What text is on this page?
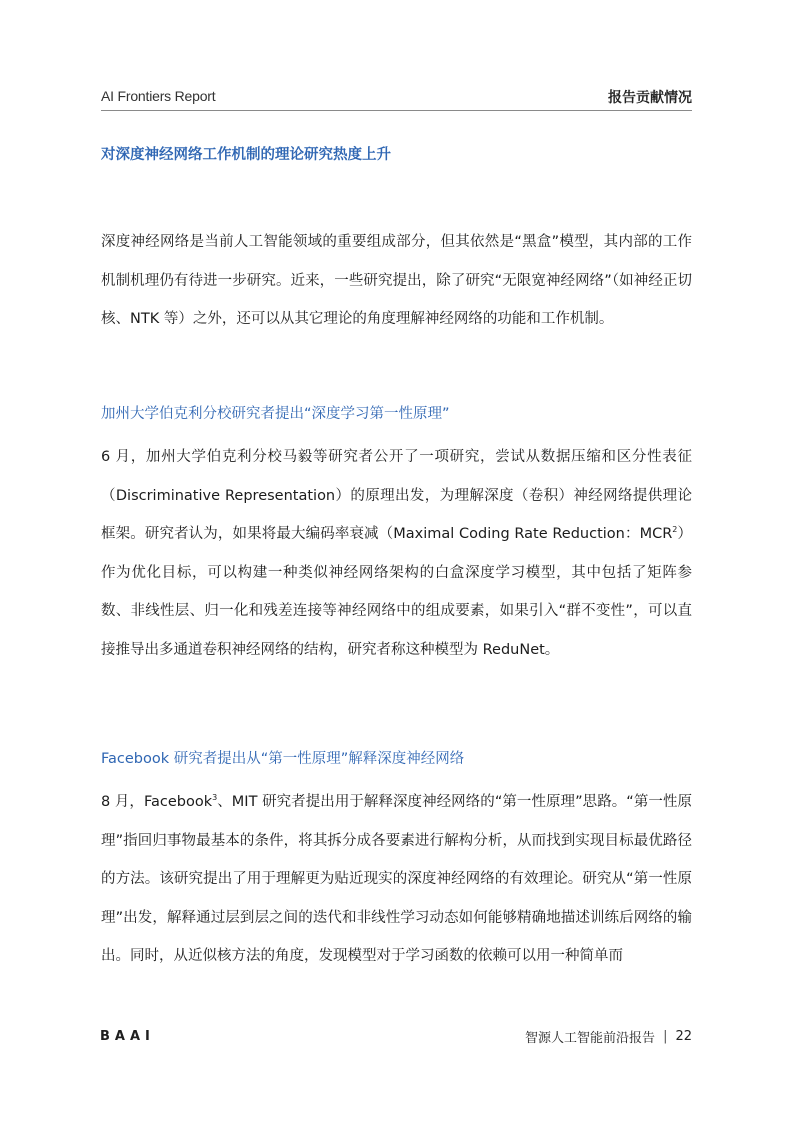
AI Frontiers Report	报告贡献情况
对深度神经网络工作机制的理论研究热度上升
深度神经网络是当前人工智能领域的重要组成部分，但其依然是“黑盒”模型，其内部的工作机制机理仍有待进一步研究。近来，一些研究提出，除了研究“无限宽神经网络”（如神经正切核、NTK 等）之外，还可以从其它理论的角度理解神经网络的功能和工作机制。
加州大学伯克利分校研究者提出“深度学习第一性原理”
6 月，加州大学伯克利分校马毅等研究者公开了一项研究，尝试从数据压缩和区分性表征（Discriminative Representation）的原理出发，为理解深度（卷积）神经网络提供理论框架。研究者认为，如果将最大编码率衰减（Maximal Coding Rate Reduction：MCR$^2$）作为优化目标，可以构建一种类似神经网络架构的白盒深度学习模型，其中包括了矩阵参数、非线性层、归一化和残差连接等神经网络中的组成要素，如果引入“群不变性”，可以直接推导出多通道卷积神经网络的结构，研究者称这种模型为 ReduNet。
Facebook 研究者提出从“第一性原理”解释深度神经网络
8 月，Facebook$^3$、MIT 研究者提出用于解释深度神经网络的“第一性原理”思路。“第一性原理”指回归事物最基本的条件，将其拆分成各要素进行解构分析，从而找到实现目标最优路径的方法。该研究提出了用于理解更为贴近现实的深度神经网络的有效理论。研究从“第一性原理”出发，解释通过层到层之间的迭代和非线性学习动态如何能够精确地描述训练后网络的输出。同时，从近似核方法的角度，发现模型对于学习函数的依赖可以用一种简单而
B A A I	智源人工智能前沿报告 | 22
